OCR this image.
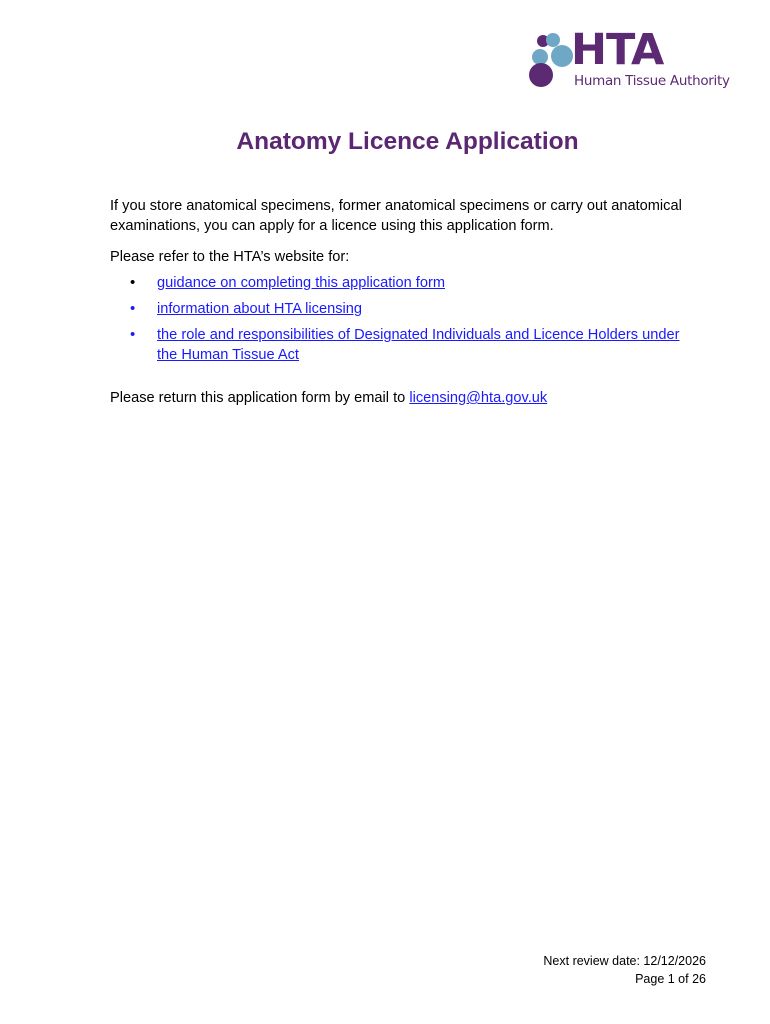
HTA
Human Tissue Authority
Anatomy Licence Application

If you store anatomical specimens, former anatomical specimens or carry out anatomical examinations, you can apply for a licence using this application form.

Please refer to the HTA’s website for:

• guidance on completing this application form
• information about HTA licensing
• the role and responsibilities of Designated Individuals and Licence Holders under the Human Tissue Act

Please return this application form by email to licensing@hta.gov.uk

Next review date: 12/12/2026
Page 1 of 26
